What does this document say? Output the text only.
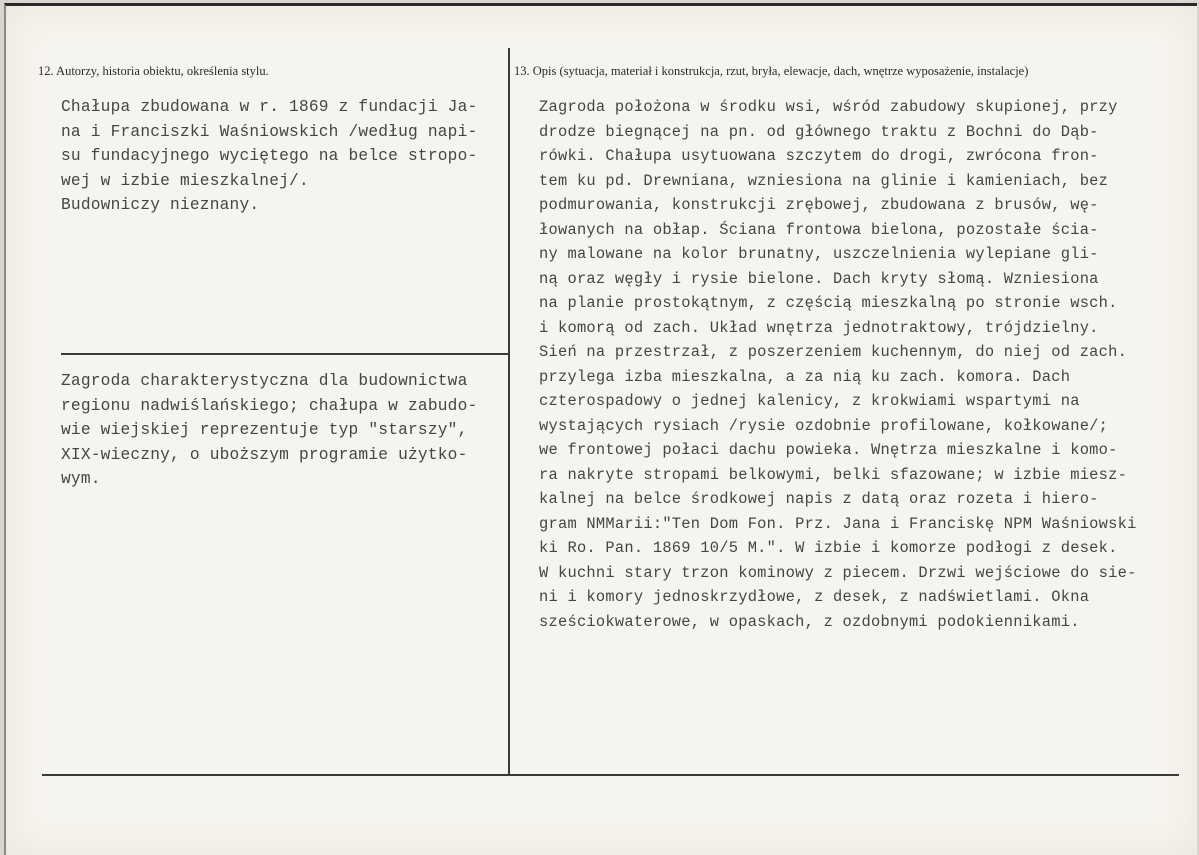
12. Autorzy, historia obiektu, określenia stylu.	13. Opis (sytuacja, materiał i konstrukcja, rzut, bryła, elewacje, dach, wnętrze wyposażenie, instalacje)

Chałupa zbudowana w r. 1869 z fundacji Ja-

na i Franciszki Waśniowskich /według napi-

su fundacyjnego wyciętego na belce stropo-

wej w izbie mieszkalnej/.

Budowniczy nieznany.

Zagroda charakterystyczna dla budownictwa

regionu nadwiślańskiego; chałupa w zabudo-

wie wiejskiej reprezentuje typ "starszy",

XIX-wieczny, o uboższym programie użytko-

wym.

Zagroda położona w środku wsi, wśród zabudowy skupionej, przy

drodze biegnącej na pn. od głównego traktu z Bochni do Dąb-

rówki. Chałupa usytuowana szczytem do drogi, zwrócona fron-

tem ku pd. Drewniana, wzniesiona na glinie i kamieniach, bez

podmurowania, konstrukcji zrębowej, zbudowana z brusów, wę-

łowanych na obłap. Ściana frontowa bielona, pozostałe ścia-

ny malowane na kolor brunatny, uszczelnienia wylepiane gli-

ną oraz węgły i rysie bielone. Dach kryty słomą. Wzniesiona

na planie prostokątnym, z częścią mieszkalną po stronie wsch.

i komorą od zach. Układ wnętrza jednotraktowy, trójdzielny.

Sień na przestrzał, z poszerzeniem kuchennym, do niej od zach.

przylega izba mieszkalna, a za nią ku zach. komora. Dach

czterospadowy o jednej kalenicy, z krokwiami wspartymi na

wystających rysiach /rysie ozdobnie profilowane, kołkowane/;

we frontowej połaci dachu powieka. Wnętrza mieszkalne i komo-

ra nakryte stropami belkowymi, belki sfazowane; w izbie miesz-

kalnej na belce środkowej napis z datą oraz rozeta i hiero-

gram NMMarii:"Ten Dom Fon. Prz. Jana i Franciskę NPM Waśniowski

ki Ro. Pan. 1869 10/5 M.". W izbie i komorze podłogi z desek.

W kuchni stary trzon kominowy z piecem. Drzwi wejściowe do sie-

ni i komory jednoskrzydłowe, z desek, z nadświetlami. Okna

sześciokwaterowe, w opaskach, z ozdobnymi podokiennikami.
